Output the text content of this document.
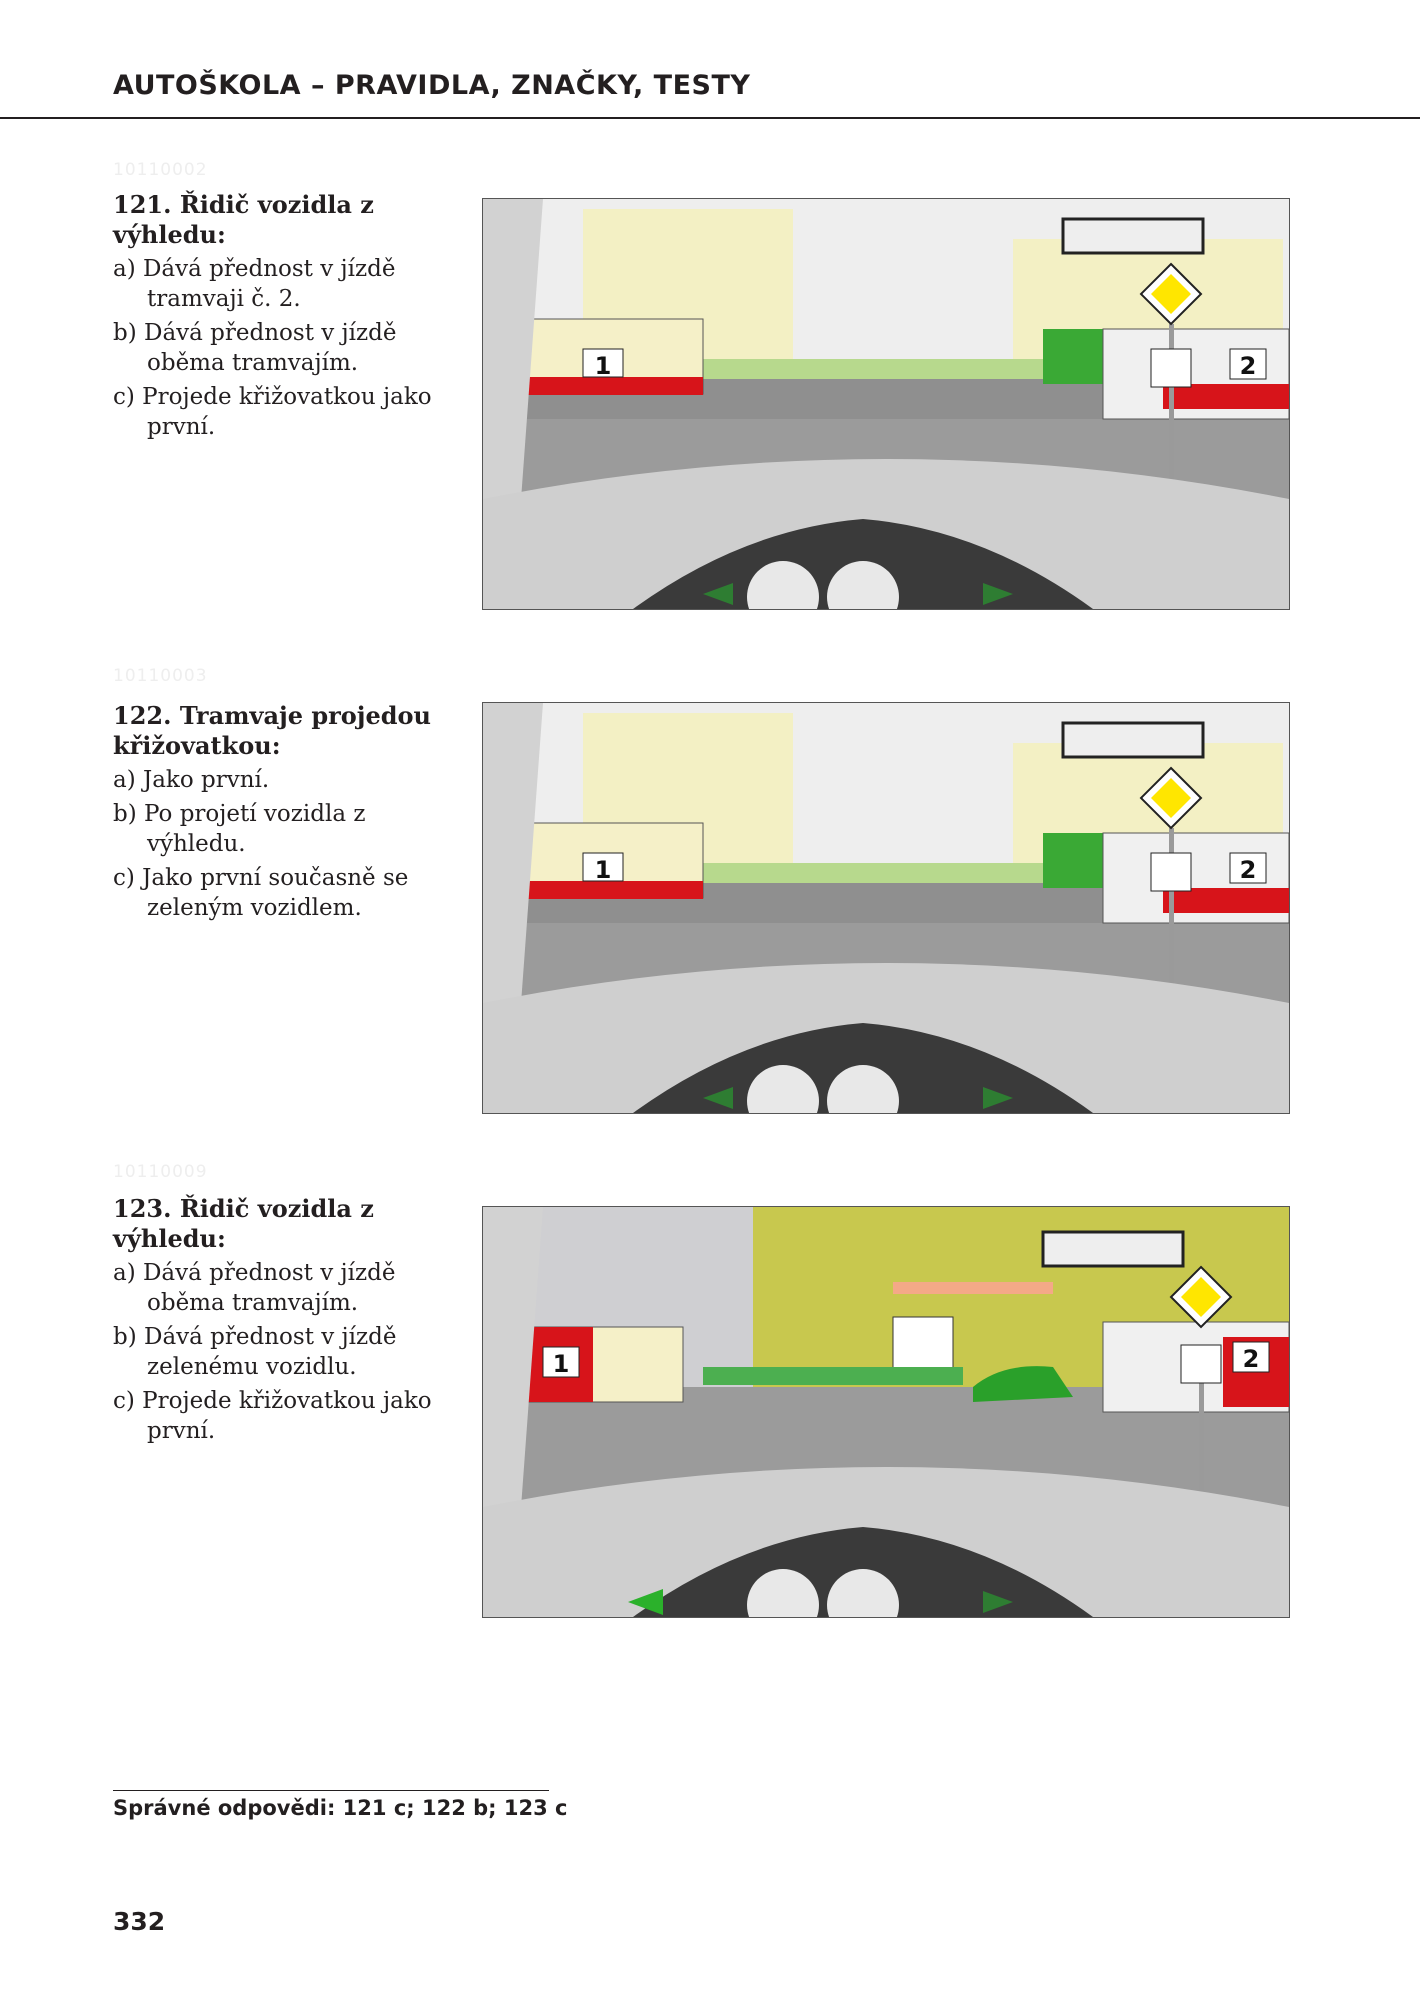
AUTOŠKOLA – PRAVIDLA, ZNAČKY, TESTY
10110002
121. Řidič vozidla z výhledu:
a) Dává přednost v jízdě tramvaji č. 2.
b) Dává přednost v jízdě oběma tramvajím.
c) Projede křižovatkou jako první.
1	2
10110003
122. Tramvaje projedou křižovatkou:
a) Jako první.
b) Po projetí vozidla z výhledu.
c) Jako první současně se zeleným vozidlem.
1	2
10110009
123. Řidič vozidla z výhledu:
a) Dává přednost v jízdě oběma tramvajím.
b) Dává přednost v jízdě zelenému vozidlu.
c) Projede křižovatkou jako první.
1	2
Správné odpovědi: 121 c; 122 b; 123 c
332
